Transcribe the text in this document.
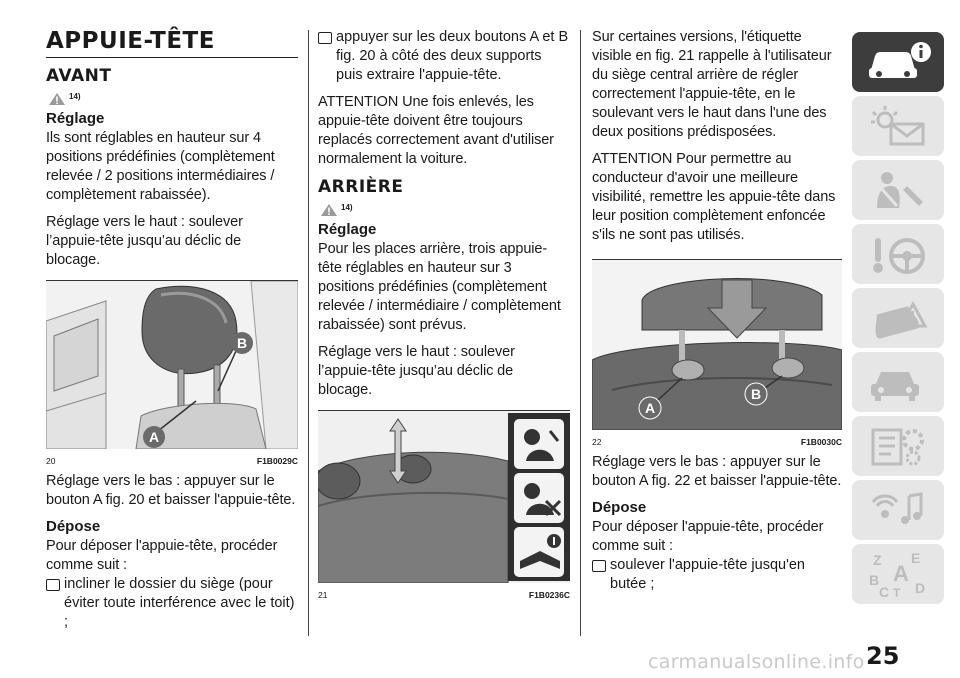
APPUIE-TÊTE
AVANT
14)
Réglage

Ils sont réglables en hauteur sur 4 positions prédéfinies (complètement relevée / 2 positions intermédiaires / complètement rabaissée).

Réglage vers le haut : soulever l’appuie-tête jusqu’au déclic de blocage.

A
B
20	F1B0029C

Réglage vers le bas : appuyer sur le bouton A fig. 20 et baisser l'appuie-tête.

Dépose

Pour déposer l'appuie-tête, procéder comme suit :

incliner le dossier du siège (pour éviter toute interférence avec le toit) ;
appuyer sur les deux boutons A et B fig. 20 à côté des deux supports puis extraire l'appuie-tête.

ATTENTION Une fois enlevés, les appuie-tête doivent être toujours replacés correctement avant d'utiliser normalement la voiture.

ARRIÈRE
14)
Réglage

Pour les places arrière, trois appuie-tête réglables en hauteur sur 3 positions prédéfinies (complètement relevée / intermédiaire / complètement rabaissée) sont prévus.

Réglage vers le haut : soulever l’appuie-tête jusqu’au déclic de blocage.

21	F1B0236C

Sur certaines versions, l'étiquette visible en fig. 21 rappelle à l'utilisateur du siège central arrière de régler correctement l'appuie-tête, en le soulevant vers le haut dans l'une des deux positions prédisposées.

ATTENTION Pour permettre au conducteur d'avoir une meilleure visibilité, remettre les appuie-tête dans leur position complètement enfoncée s'ils ne sont pas utilisés.

A
B
22	F1B0030C

Réglage vers le bas : appuyer sur le bouton A fig. 22 et baisser l'appuie-tête.

Dépose

Pour déposer l'appuie-tête, procéder comme suit :

soulever l'appuie-tête jusqu'en butée ;
Z E
A
B
C D
T
25
carmanualsonline.info
